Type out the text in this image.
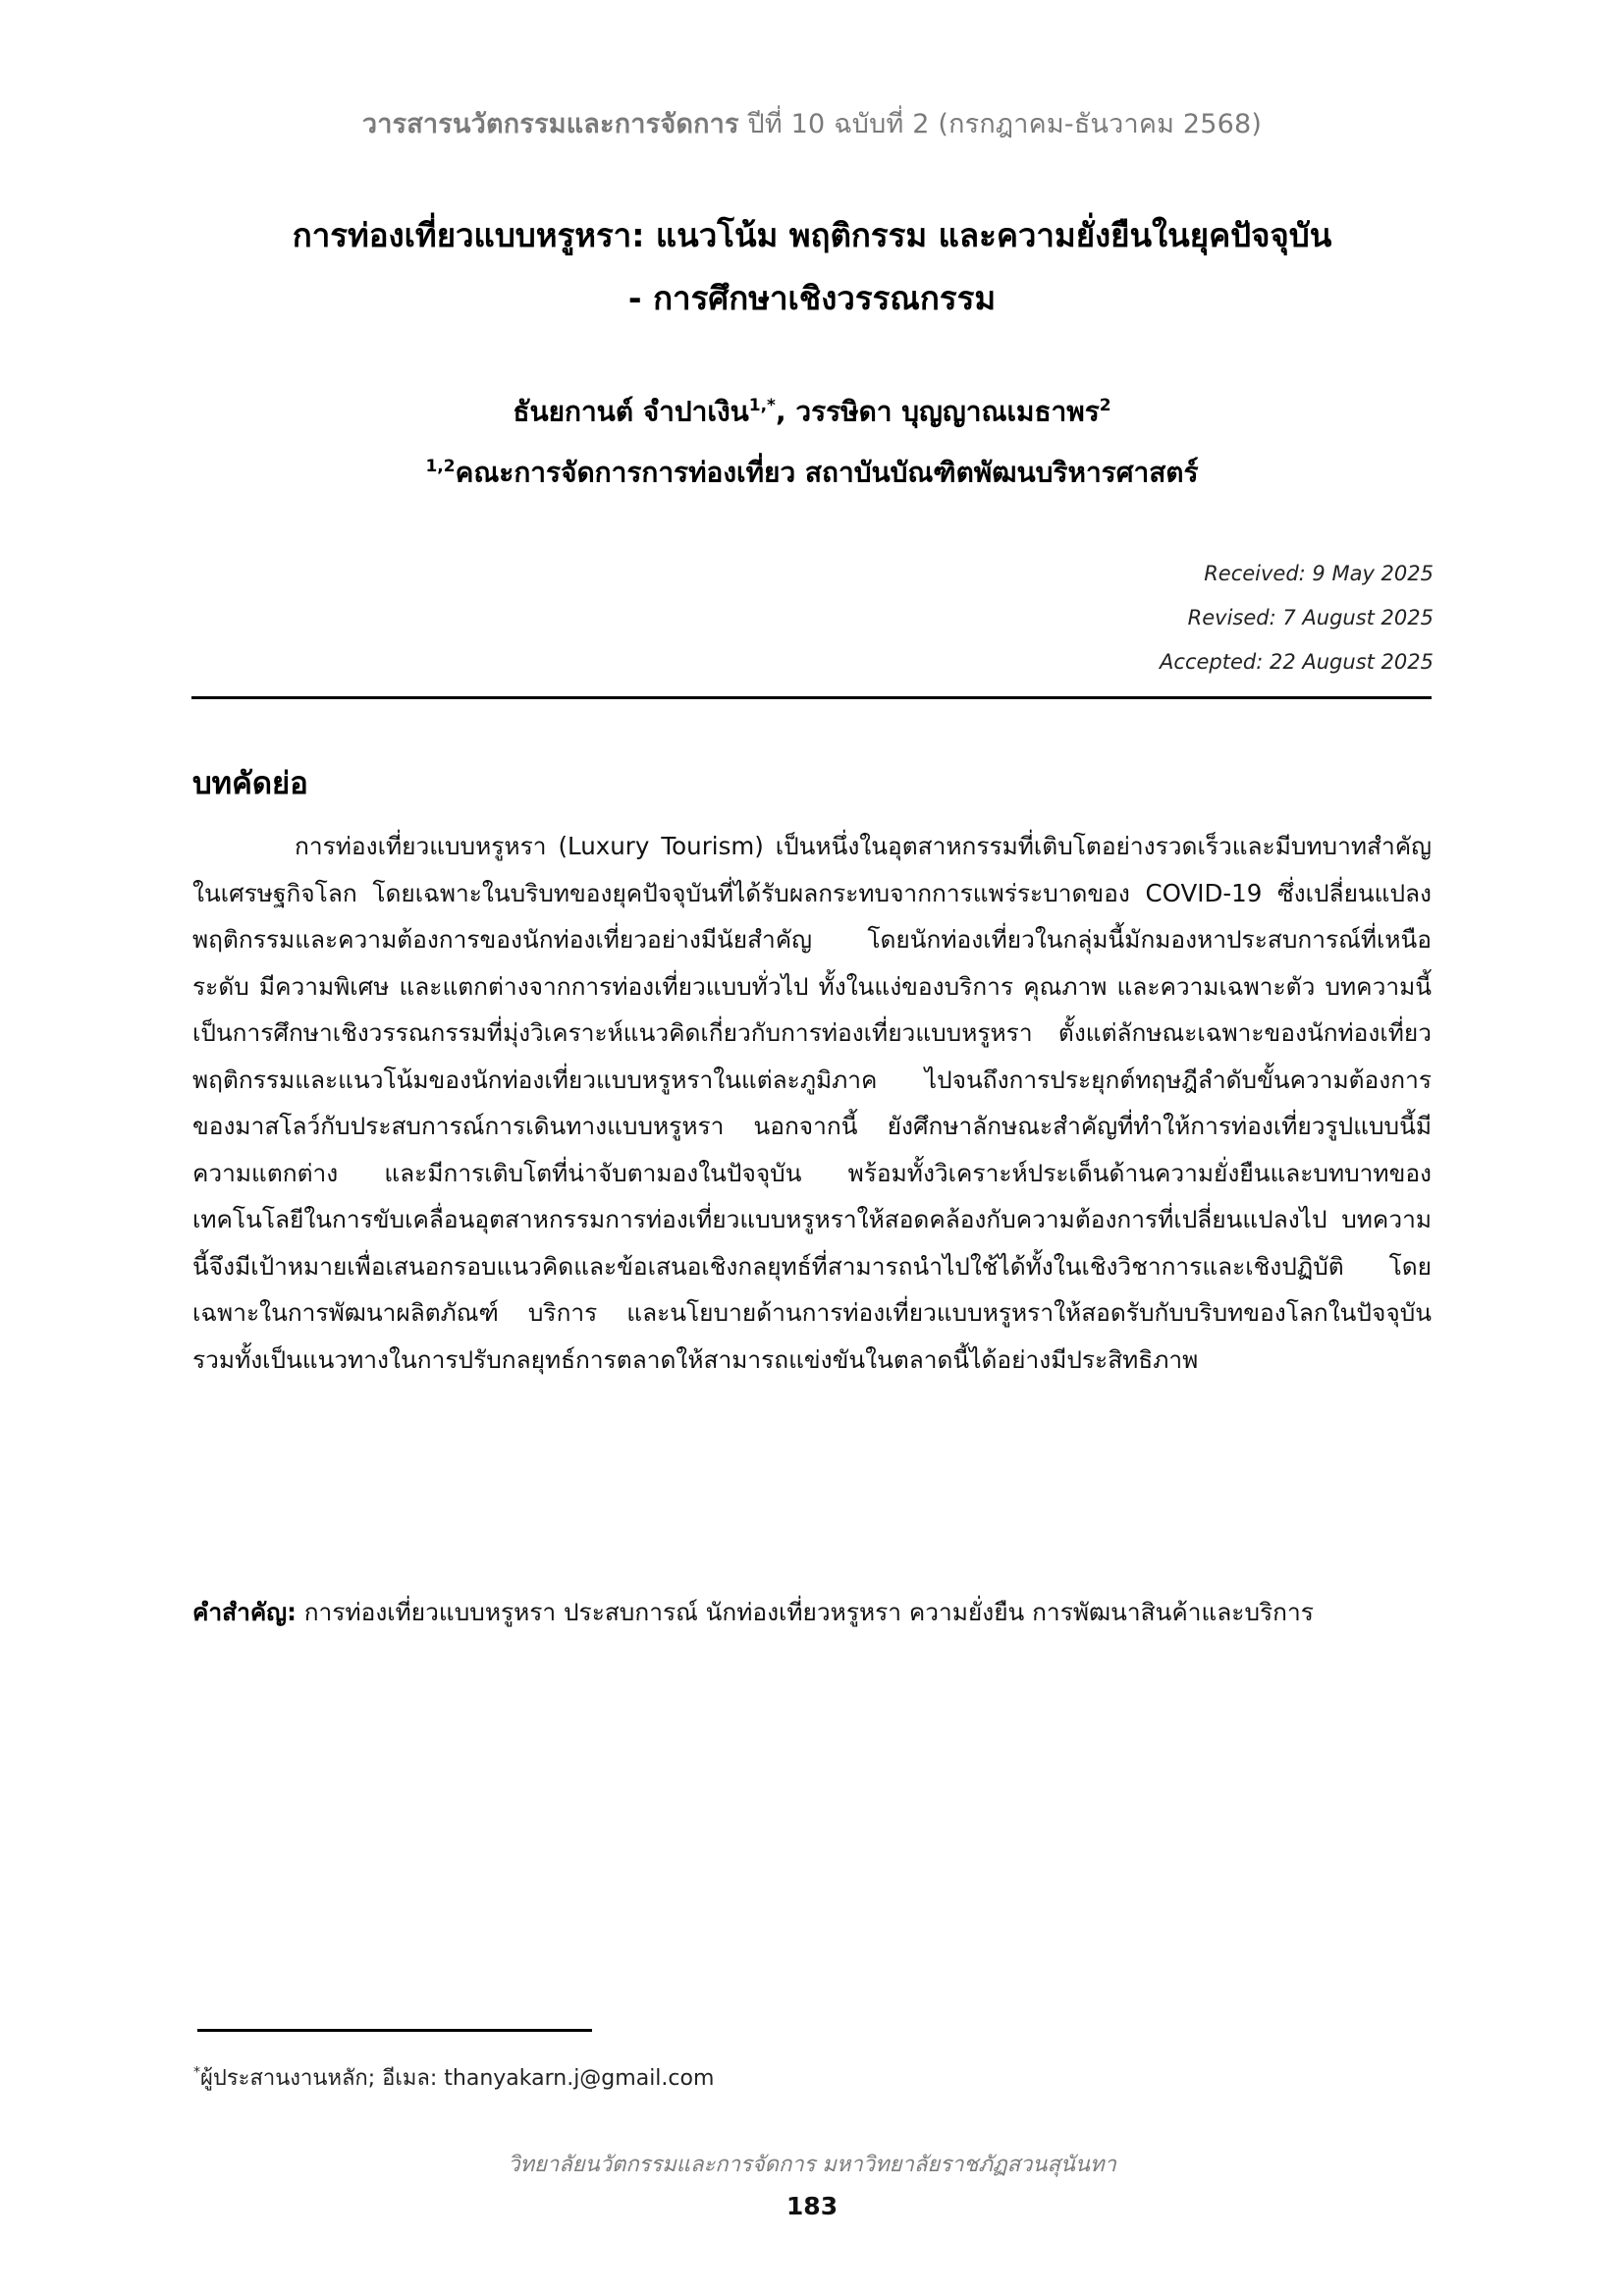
วารสารนวัตกรรมและการจัดการ ปีที่ 10 ฉบับที่ 2 (กรกฎาคม-ธันวาคม 2568)
การท่องเที่ยวแบบหรูหรา: แนวโน้ม พฤติกรรม และความยั่งยืนในยุคปัจจุบัน
- การศึกษาเชิงวรรณกรรม
ธันยกานต์ จำปาเงิน$^{1,*}$, วรรษิดา บุญญาณเมธาพร$^2$
$^{1,2}$คณะการจัดการการท่องเที่ยว สถาบันบัณฑิตพัฒนบริหารศาสตร์
Received: 9 May 2025
Revised: 7 August 2025
Accepted: 22 August 2025
บทคัดย่อ
การท่องเที่ยวแบบหรูหรา (Luxury Tourism) เป็นหนึ่งในอุตสาหกรรมที่เติบโตอย่างรวดเร็วและมีบทบาทสำคัญในเศรษฐกิจโลก โดยเฉพาะในบริบทของยุคปัจจุบันที่ได้รับผลกระทบจากการแพร่ระบาดของ COVID-19 ซึ่งเปลี่ยนแปลงพฤติกรรมและความต้องการของนักท่องเที่ยวอย่างมีนัยสำคัญ โดยนักท่องเที่ยวในกลุ่มนี้มักมองหาประสบการณ์ที่เหนือระดับ มีความพิเศษ และแตกต่างจากการท่องเที่ยวแบบทั่วไป ทั้งในแง่ของบริการ คุณภาพ และความเฉพาะตัว บทความนี้เป็นการศึกษาเชิงวรรณกรรมที่มุ่งวิเคราะห์แนวคิดเกี่ยวกับการท่องเที่ยวแบบหรูหรา ตั้งแต่ลักษณะเฉพาะของนักท่องเที่ยว พฤติกรรมและแนวโน้มของนักท่องเที่ยวแบบหรูหราในแต่ละภูมิภาค ไปจนถึงการประยุกต์ทฤษฎีลำดับขั้นความต้องการของมาสโลว์กับประสบการณ์การเดินทางแบบหรูหรา นอกจากนี้ ยังศึกษาลักษณะสำคัญที่ทำให้การท่องเที่ยวรูปแบบนี้มีความแตกต่าง และมีการเติบโตที่น่าจับตามองในปัจจุบัน พร้อมทั้งวิเคราะห์ประเด็นด้านความยั่งยืนและบทบาทของเทคโนโลยีในการขับเคลื่อนอุตสาหกรรมการท่องเที่ยวแบบหรูหราให้สอดคล้องกับความต้องการที่เปลี่ยนแปลงไป บทความนี้จึงมีเป้าหมายเพื่อเสนอกรอบแนวคิดและข้อเสนอเชิงกลยุทธ์ที่สามารถนำไปใช้ได้ทั้งในเชิงวิชาการและเชิงปฏิบัติ โดยเฉพาะในการพัฒนาผลิตภัณฑ์ บริการ และนโยบายด้านการท่องเที่ยวแบบหรูหราให้สอดรับกับบริบทของโลกในปัจจุบัน รวมทั้งเป็นแนวทางในการปรับกลยุทธ์การตลาดให้สามารถแข่งขันในตลาดนี้ได้อย่างมีประสิทธิภาพ
คำสำคัญ: การท่องเที่ยวแบบหรูหรา ประสบการณ์ นักท่องเที่ยวหรูหรา ความยั่งยืน การพัฒนาสินค้าและบริการ
*ผู้ประสานงานหลัก; อีเมล: thanyakarn.j@gmail.com
วิทยาลัยนวัตกรรมและการจัดการ มหาวิทยาลัยราชภัฏสวนสุนันทา
183
